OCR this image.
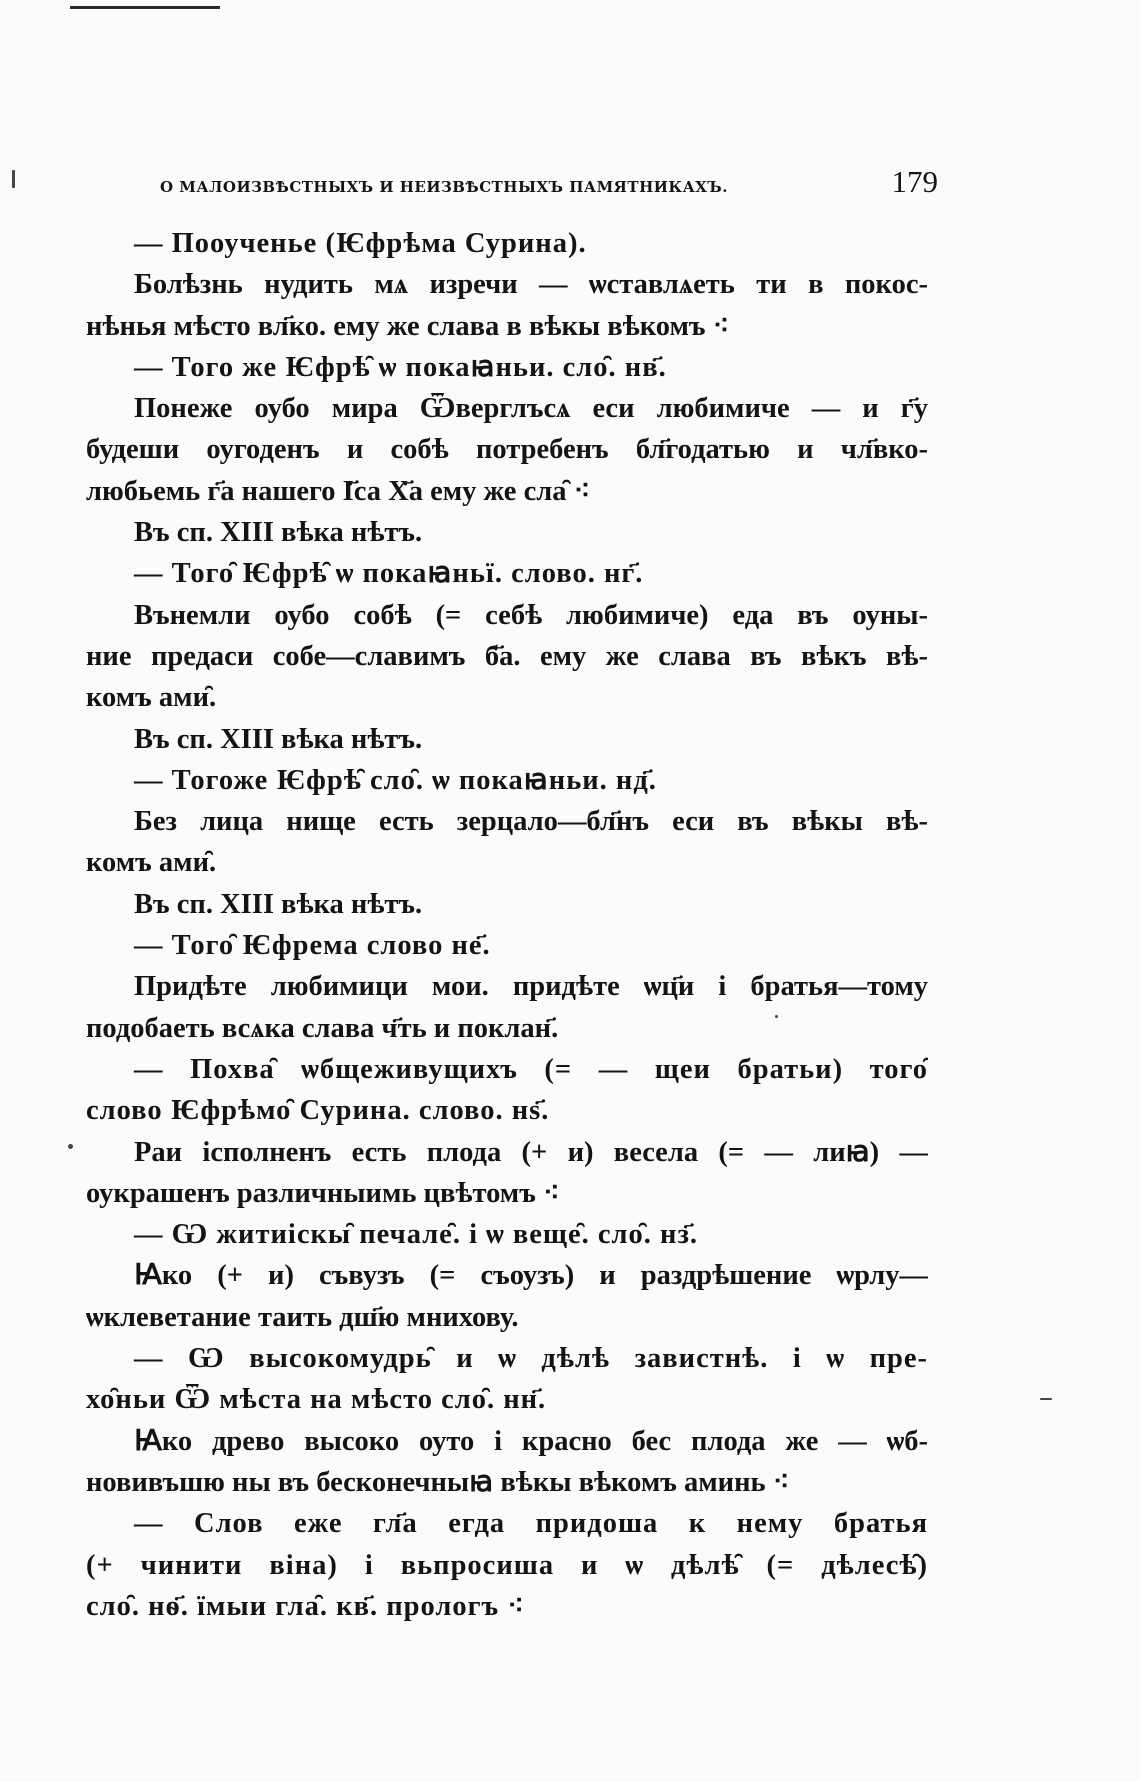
О МАЛОИЗВѢСТНЫХЪ И НЕИЗВѢСТНЫХЪ ПАМЯТНИКАХЪ.	179
— Пооученье (Ѥфрѣма Сурина).
Болѣзнь нудить мѧ изречи — ѡставлѧеть ти в покос-
нѣнья мѣсто вл҃ко. ему же слава в вѣкы вѣкомъ ⁖
— Того же Ѥфрѣ̑ ѡ покаꙗньи. сло̑. нв҃.
Понеже оубо мира Ѿверглъсѧ еси любимиче — и г҃у
будеши оугоденъ и собѣ потребенъ бл҃годатью и чл҃вко-
любьемь г҃а нашего І҃са Х҃а ему же сла̑ ⁖
Въ сп. XIII вѣка нѣтъ.
— Того̑ Ѥфрѣ̑ ѡ покаꙗньї. слово. нг҃.
Вънемли оубо собѣ (= себѣ любимиче) еда въ оуны-
ние предаси собе—славимъ б҃а. ему же слава въ вѣкъ вѣ-
комъ ами̑.
Въ сп. XIII вѣка нѣтъ.
— Тогоже Ѥфрѣ̑ сло̑. ѡ покаꙗньи. нд҃.
Без лица нище есть зерцало—бл҃нъ еси въ вѣкы вѣ-
комъ ами̑.
Въ сп. XIII вѣка нѣтъ.
— Того̑ Ѥфрема слово не҃.
Придѣте любимици мои. придѣте ѡц҃и і братья—тому
подобаеть всѧка слава ч҃ть и поклан҃.
— Похва̑ ѡбщеживущихъ (= — щеи братьи) того̑
слово Ѥфрѣмо̑ Сурина. слово. нѕ҃.
Раи ісполненъ есть плода (+ и) весела (= — лиꙗ) —
оукрашенъ различныимь цвѣтомъ ⁖
— Ѡ житиіскы̑ печале̑. і ѡ веще̑. сло̑. нз҃.
Ꙗко (+ и) съвузъ (= съоузъ) и раздрѣшение ѡрлу—
ѡклеветание таить дш҃ю мнихову.
— Ѡ высокомудрь̑ и ѡ дѣлѣ завистнѣ. і ѡ пре-
хо̑ньи Ѿ мѣста на мѣсто сло̑. нн҃.
Ꙗко древо высоко оуто і красно бес плода же — ѡб-
новивъшю ны въ бесконечныꙗ вѣкы вѣкомъ аминь ⁖
— Слов еже гл҃а егда придоша к нему братья
(+ чинити віна) і вьпросиша и ѡ дѣлѣ̑ (= дѣлесѣ̑)
сло̑. нѳ҃. їмыи гла̑. кв҃. прологъ ⁖
